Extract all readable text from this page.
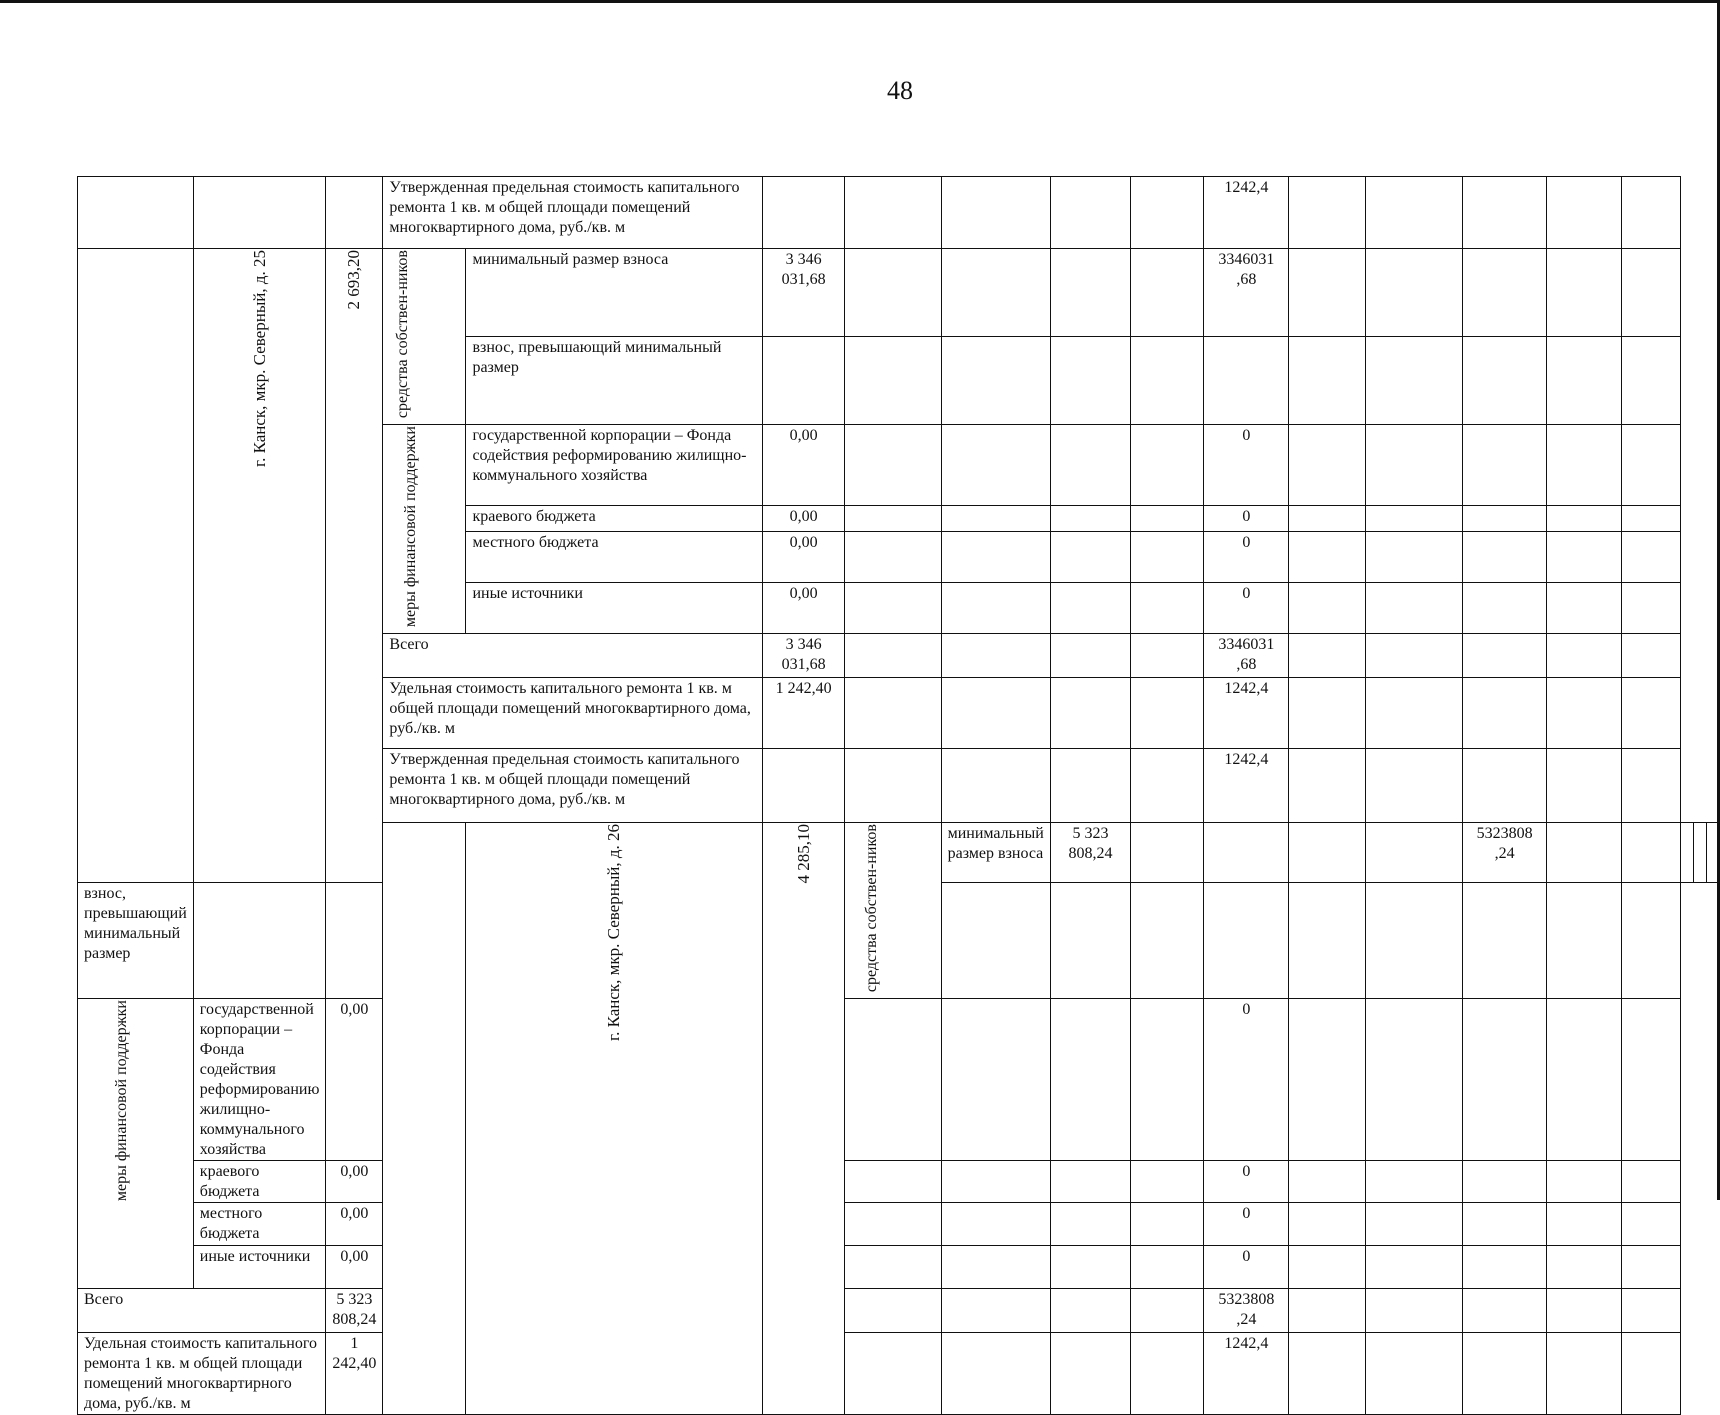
48
			Утвержденная предельная стоимость капитального ремонта 1 кв. м общей площади помещений многоквартирного дома, руб./кв. м							1242,4								
	г. Канск, мкр. Северный, д. 25	2 693,20	средства собствен-ников	минимальный размер взноса	3 346 031,68					3346031 ,68								
				взнос, превышающий минимальный размер														
			меры финансовой поддержки	государственной корпорации – Фонда содействия реформированию жилищно-коммунального хозяйства	0,00					0								
				краевого бюджета	0,00					0								
				местного бюджета	0,00					0								
				иные источники	0,00					0								
			Всего		3 346 031,68					3346031 ,68								
			Удельная стоимость капитального ремонта 1 кв. м общей площади помещений многоквартирного дома, руб./кв. м		1 242,40					1242,4								
			Утвержденная предельная стоимость капитального ремонта 1 кв. м общей площади помещений многоквартирного дома, руб./кв. м							1242,4								
				г. Канск, мкр. Северный, д. 26	4 285,10	средства собствен-ников	минимальный размер взноса	5 323 808,24					5323808 ,24					
взнос, превышающий минимальный размер																		
меры финансовой поддержки	государственной корпорации – Фонда содействия реформированию жилищно-коммунального хозяйства	0,00								0								
	краевого бюджета	0,00								0								
	местного бюджета	0,00								0								
	иные источники	0,00								0								
Всего		5 323 808,24								5323808 ,24								
Удельная стоимость капитального ремонта 1 кв. м общей площади помещений многоквартирного дома, руб./кв. м		1 242,40								1242,4								
